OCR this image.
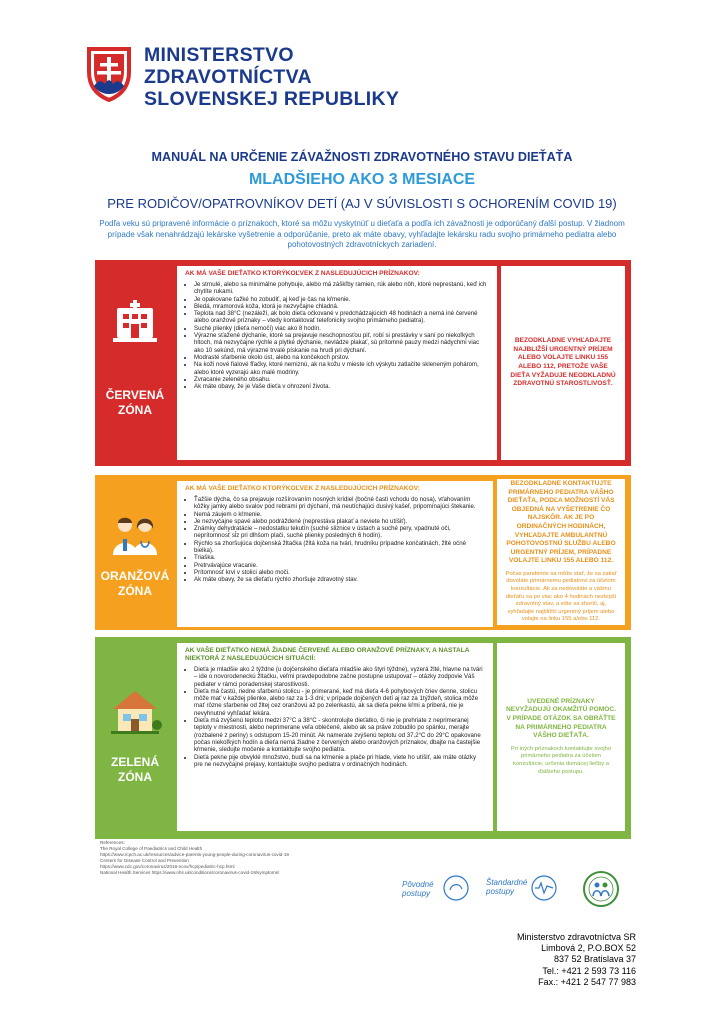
MINISTERSTVO
ZDRAVOTNÍCTVA
SLOVENSKEJ REPUBLIKY
MANUÁL NA URČENIE ZÁVAŽNOSTI ZDRAVOTNÉHO STAVU DIEŤAŤA
MLADŠIEHO AKO 3 MESIACE
PRE RODIČOV/OPATROVNÍKOV DETÍ (AJ V SÚVISLOSTI S OCHORENÍM COVID 19)
Podľa veku sú pripravené informácie o príznakoch, ktoré sa môžu vyskytnúť u dieťaťa a podľa ich závažnosti je odporúčaný ďalší postup. V žiadnom prípade však nenahrádzajú lekárske vyšetrenie a odporúčanie, preto ak máte obavy, vyhľadajte lekársku radu svojho primárneho pediatra alebo pohotovostných zdravotníckych zariadení.
ČERVENÁ
ZÓNA
AK MÁ VAŠE DIEŤATKO KTORÝKOĽVEK Z NASLEDUJÚCICH PRÍZNAKOV:
• Je strnulé, alebo sa minimálne pohybuje, alebo má záškľby ramien, rúk alebo nôh, ktoré neprestanú, keď ich chytíte rukami.
• Je opakovane ťažké ho zobudiť, aj keď je čas na kŕmenie.
• Bledá, mramorová koža, ktorá je nezvyčajne chladná.
• Teplota nad 38°C (nezáleží, ak bolo dieťa očkované v predchádzajúcich 48 hodinách a nemá iné červené alebo oranžové príznaky – vtedy kontaktovať telefonicky svojho primárneho pediatra).
• Suché plienky (dieťa nemočí) viac ako 8 hodín.
• Výrazne sťažené dýchanie, ktoré sa prejavuje neschopnosťou piť, robí si prestávky v saní po niekoľkých hltoch, má nezvyčajne rýchle a plytké dýchanie, nevládze plakať, sú prítomné pauzy medzi nádychmi viac ako 10 sekúnd, má výrazné trvalé pískanie na hrudi pri dýchaní.
• Modrasté sfarbenie okolo úst, alebo na končekoch prstov.
• Na koži nové fialové fľačky, ktoré nemiznú, ak na kožu v mieste ich výskytu zatlačíte skleneným pohárom, alebo ktoré vyzerajú ako malé modriny.
• Zvracanie zeleného obsahu.
• Ak máte obavy, že je Vaše dieťa v ohrození života.
BEZODKLADNE VYHĽADAJTE NAJBLIŽŠÍ URGENTNÝ PRÍJEM ALEBO VOLAJTE LINKU 155 ALEBO 112, PRETOŽE VAŠE DIEŤA VYŽADUJE NEODKLADNÚ ZDRAVOTNÚ STAROSTLIVOSŤ.
ORANŽOVÁ
ZÓNA
AK MÁ VAŠE DIEŤATKO KTORÝKOĽVEK Z NASLEDUJÚCICH PRÍZNAKOV:
• Ťažšie dýcha, čo sa prejavuje rozšírovaním nosných krídiel (bočné časti vchodu do nosa), vťahovaním kôžky jamky alebo svalov pod rebrami pri dýchaní, má neutíchajúci dusivý kašeľ, pripomínajúci štekanie.
• Nemá záujem o kŕmenie.
• Je nezvyčajne spavé alebo podráždené (neprestáva plakať a neviete ho utíšiť).
• Známky dehydratácie – nedostatku tekutín (suché sliznice v ústach a suché pery, vpadnuté oči, neprítomnosť sĺz pri dlhšom plači, suché plienky posledných 6 hodín).
• Rýchlo sa zhoršujúca dojčenská žltačka (žltá koža na tvári, hrudníku prípadne končatinách, žlté očné bielka).
• Triaška.
• Pretrvávajúce vracanie.
• Prítomnosť krvi v stolici alebo moči.
• Ak máte obavy, že sa dieťaťu rýchlo zhoršuje zdravotný stav.
BEZODKLADNE KONTAKTUJTE PRIMÁRNEHO PEDIATRA VÁŠHO DIEŤAŤA, PODĽA MOŽNOSTÍ VÁS OBJEDNÁ NA VYŠETRENIE ČO NAJSKÔR. AK JE PO ORDINAČNÝCH HODINÁCH, VYHĽADAJTE AMBULANTNÚ POHOTOVOSTNÚ SLUŽBU ALEBO URGENTNÝ PRÍJEM, PRÍPADNE VOLAJTE LINKU 155 ALEBO 112.
Počas pandémie sa môže stať, že sa zatiaľ dovoláte primárnemu pediatrovi za účelom konzultácie. Ak sa nedovoláte a vášmu dieťaťu sa po viac ako 4 hodinách nezlepší zdravotný stav, a ešte sa zhorší, aj, vyhľadajte najbližší urgentný príjem alebo volajte na linku 155 a/ebo 112.
ZELENÁ
ZÓNA
AK VAŠE DIEŤATKO NEMÁ ŽIADNE ČERVENÉ ALEBO ORANŽOVÉ PRÍZNAKY, A NASTALA NIEKTORÁ Z NASLEDUJÚCICH SITUÁCIÍ:
• Dieťa je mladšie ako 2 týždne (u dojčenského dieťaťa mladšie ako štyri týždne), vyzerá žlté, hlavne na tvári – ide o novorodeneckú žltačku, veľmi pravdepodobne začne postupne ustupovať – otázky zodpovie Váš pediater v rámci poradenskej starostlivosti.
• Dieťa má častú, riedne sfarbenú stolicu - je primerané, keď má dieťa 4-6 pohybových čriev denne, stolicu môže mať v každej plienke, alebo raz za 1-3 dni; v prípade dojčených detí aj raz za 1týždeň, stolica môže mať rôzne sfarbenie od žltej cez oranžovú až po zelenkastú, ak sa dieťa pekne kŕmi a priberá, nie je nevyhnutné vyhľadať lekára.
• Dieťa má zvýšenú teplotu medzi 37°C a 38°C - skontrolujte dieťatko, či nie je prehriate z neprimeranej teploty v miestnosti, alebo neprimerane veľa oblečené, alebo ak sa práve zobudilo po spánku, merajte (rozbalené z periny) s odstupom 15-20 minút. Ak namerate zvýšenú teplotu od 37,2°C do 29°C opakovane počas niekoľkých hodín a dieťa nemá žiadne z červených alebo oranžových príznakov, dbajte na častejšie kŕmenie, sledujte močenie a kontaktujte svojho pediatra.
• Dieťa pekne pije obvyklé množstvo, budí sa na kŕmenie a plače pri hlade, viete ho utíšiť, ale máte otázky pre ne nezvyčajné prejavy, kontaktujte svojho pediatra v ordinačných hodinách.
UVEDENÉ PRÍZNAKY NEVYŽADUJÚ OKAMŽITÚ POMOC. V PRÍPADE OTÁZOK SA OBRÁŤTE NA PRIMÁRNEHO PEDIATRA VÁŠHO DIEŤAŤA.
Pri iných príznakoch kontaktujte svojho primárneho pediatra za účelom konzultácie, určenia domácej liečby a ďalšieho postupu.
References:
The Royal College of Paediatrics and Child Health
https://www.rcpch.ac.uk/resources/advice-parents-young-people-during-coronavirus-covid-19
Centers for Disease Control and Prevention
https://www.cdc.gov/coronavirus/2019-ncov/hcp/pediatric-hcp.html
National Health Services https://www.nhs.uk/conditions/coronavirus-covid-19/symptoms/
Pôvodné
postupy
Štandardné
postupy
Ministerstvo zdravotníctva SR
Limbová 2, P.O.BOX 52
837 52 Bratislava 37
Tel.: +421 2 593 73 116
Fax.: +421 2 547 77 983
